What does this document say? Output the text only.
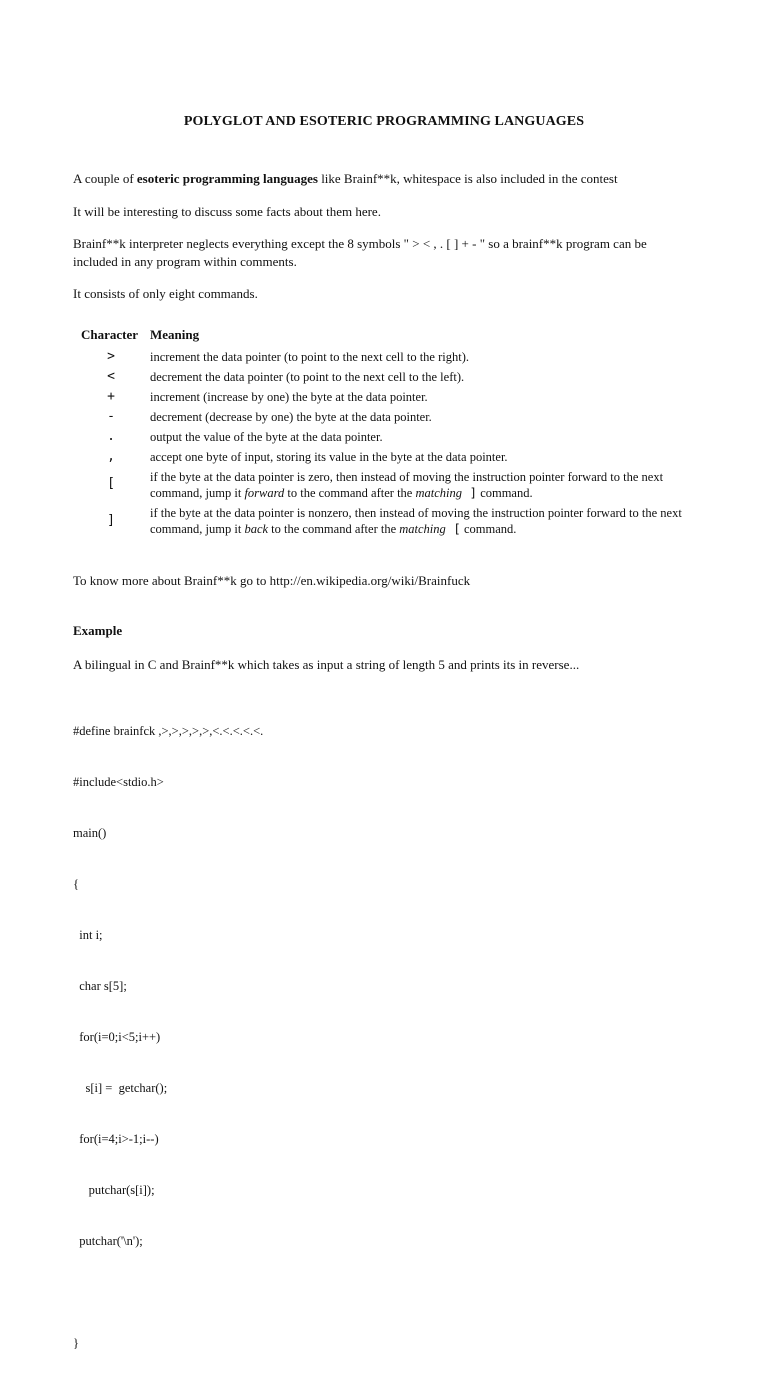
POLYGLOT AND ESOTERIC PROGRAMMING LANGUAGES
A couple of esoteric programming languages like Brainf**k, whitespace is also included in the contest
It will be interesting to discuss some facts about them here.
Brainf**k interpreter neglects everything except the 8 symbols " > < , . [ ] + - " so a brainf**k program can be included in any program within comments.
It consists of only eight commands.
Character Meaning
>	increment the data pointer (to point to the next cell to the right).
<	decrement the data pointer (to point to the next cell to the left).
+	increment (increase by one) the byte at the data pointer.
-	decrement (decrease by one) the byte at the data pointer.
.	output the value of the byte at the data pointer.
,	accept one byte of input, storing its value in the byte at the data pointer.
[	if the byte at the data pointer is zero, then instead of moving the instruction pointer forward to the next command, jump it forward to the command after the matching ] command.
]	if the byte at the data pointer is nonzero, then instead of moving the instruction pointer forward to the next command, jump it back to the command after the matching [ command.
To know more about Brainf**k go to http://en.wikipedia.org/wiki/Brainfuck
Example
A bilingual in C and Brainf**k which takes as input a string of length 5 and prints its in reverse...

#define brainfck ,>,>,>,>,>,<.<.<.<.<.

#include<stdio.h>

main()

{

int i;

char s[5];

for(i=0;i<5;i++)

s[i] =  getchar();

for(i=4;i>-1;i--)

putchar(s[i]);

putchar('\n');

}
